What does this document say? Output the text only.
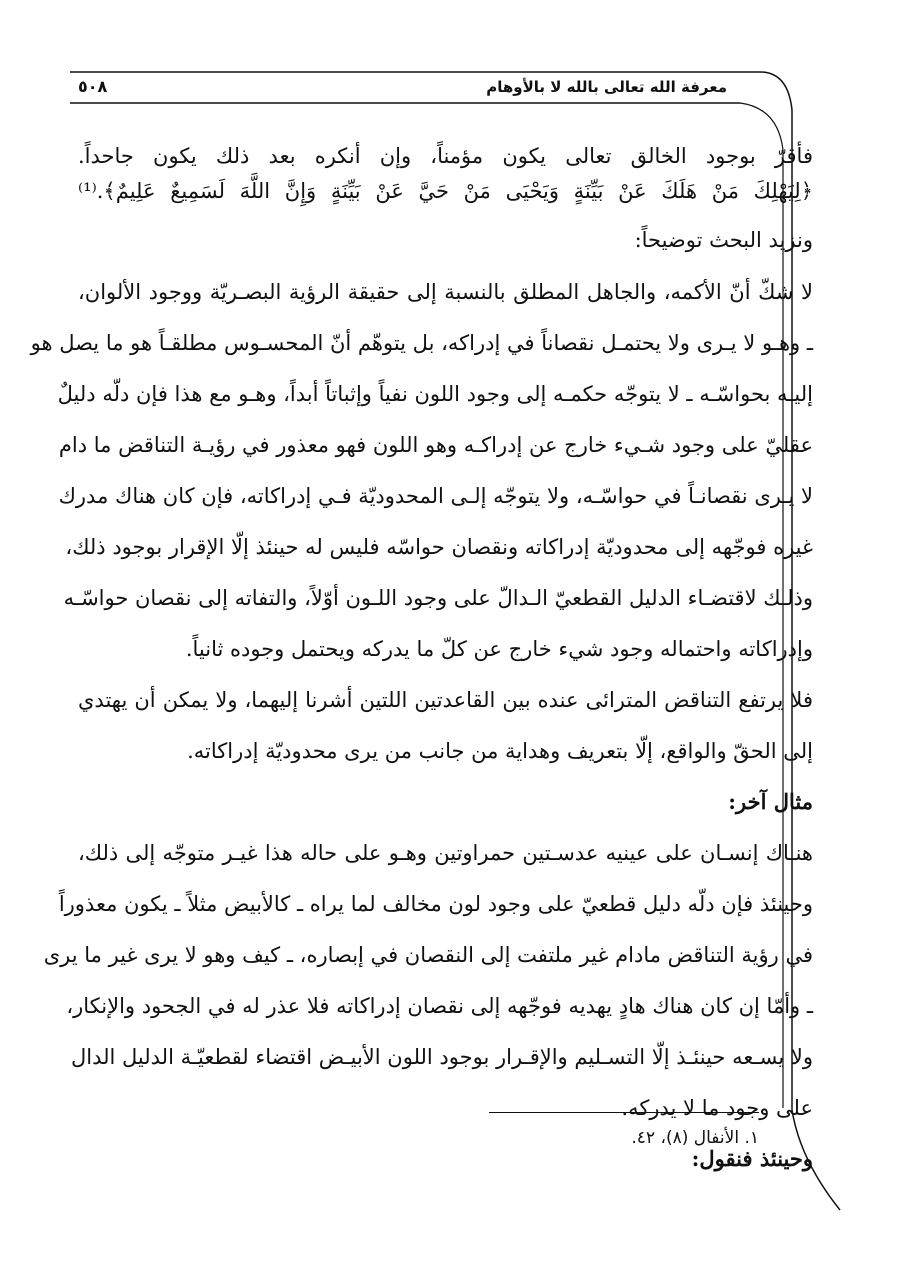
معرفة الله تعالى بالله لا بالأوهام
٥٠٨
فأقرّ بوجود الخالق تعالى يكون مؤمناً، وإن أنكره بعد ذلك يكون جاحداً.
﴿لِيَهْلِكَ مَنْ هَلَكَ عَنْ بَيِّنَةٍ وَيَحْيَى مَنْ حَيَّ عَنْ بَيِّنَةٍ وَإِنَّ اللَّهَ لَسَمِيعٌ عَلِيمٌ﴾.⁽¹⁾
ونزيد البحث توضيحاً:
لا شكّ أنّ الأكمه، والجاهل المطلق بالنسبة إلى حقيقة الرؤية البصـريّة ووجود الألوان،
ـ وهـو لا يـرى ولا يحتمـل نقصاناً في إدراكه، بل يتوهّم أنّ المحسـوس مطلقـاً هو ما يصل هو
إليـه بحواسّـه ـ لا يتوجّه حكمـه إلى وجود اللون نفياً وإثباتاً أبداً، وهـو مع هذا فإن دلّه دليلٌ
عقليّ على وجود شـيء خارج عن إدراكـه وهو اللون فهو معذور في رؤيـة التناقض ما دام
لا يـرى نقصانـاً في حواسّـه، ولا يتوجّه إلـى المحدوديّة فـي إدراكاته، فإن كان هناك مدرك
غيره فوجّهه إلى محدوديّة إدراكاته ونقصان حواسّه فليس له حينئذ إلّا الإقرار بوجود ذلك،
وذلـك لاقتضـاء الدليل القطعيّ الـدالّ على وجود اللـون أوّلاً، والتفاته إلى نقصان حواسّـه
وإدراكاته واحتماله وجود شيء خارج عن كلّ ما يدركه ويحتمل وجوده ثانياً.
فلا يرتفع التناقض المترائى عنده بين القاعدتين اللتين أشرنا إليهما، ولا يمكن أن يهتدي
إلى الحقّ والواقع، إلّا بتعريف وهداية من جانب من يرى محدوديّة إدراكاته.
مثال آخر:
هنـاك إنسـان على عينيه عدسـتين حمراوتين وهـو على حاله هذا غيـر متوجّه إلى ذلك،
وحينئذ فإن دلّه دليل قطعيّ على وجود لون مخالف لما يراه ـ كالأبيض مثلاً ـ يكون معذوراً
في رؤية التناقض مادام غير ملتفت إلى النقصان في إبصاره، ـ كيف وهو لا يرى غير ما يرى
ـ وأمّا إن كان هناك هادٍ يهديه فوجّهه إلى نقصان إدراكاته فلا عذر له في الجحود والإنكار،
ولا يسـعه حينئـذ إلّا التسـليم والإقـرار بوجود اللون الأبيـض اقتضاء لقطعيّـة الدليل الدال
على وجود ما لا يدركه.
وحينئذ فنقول:
١. الأنفال (٨)، ٤٢.
